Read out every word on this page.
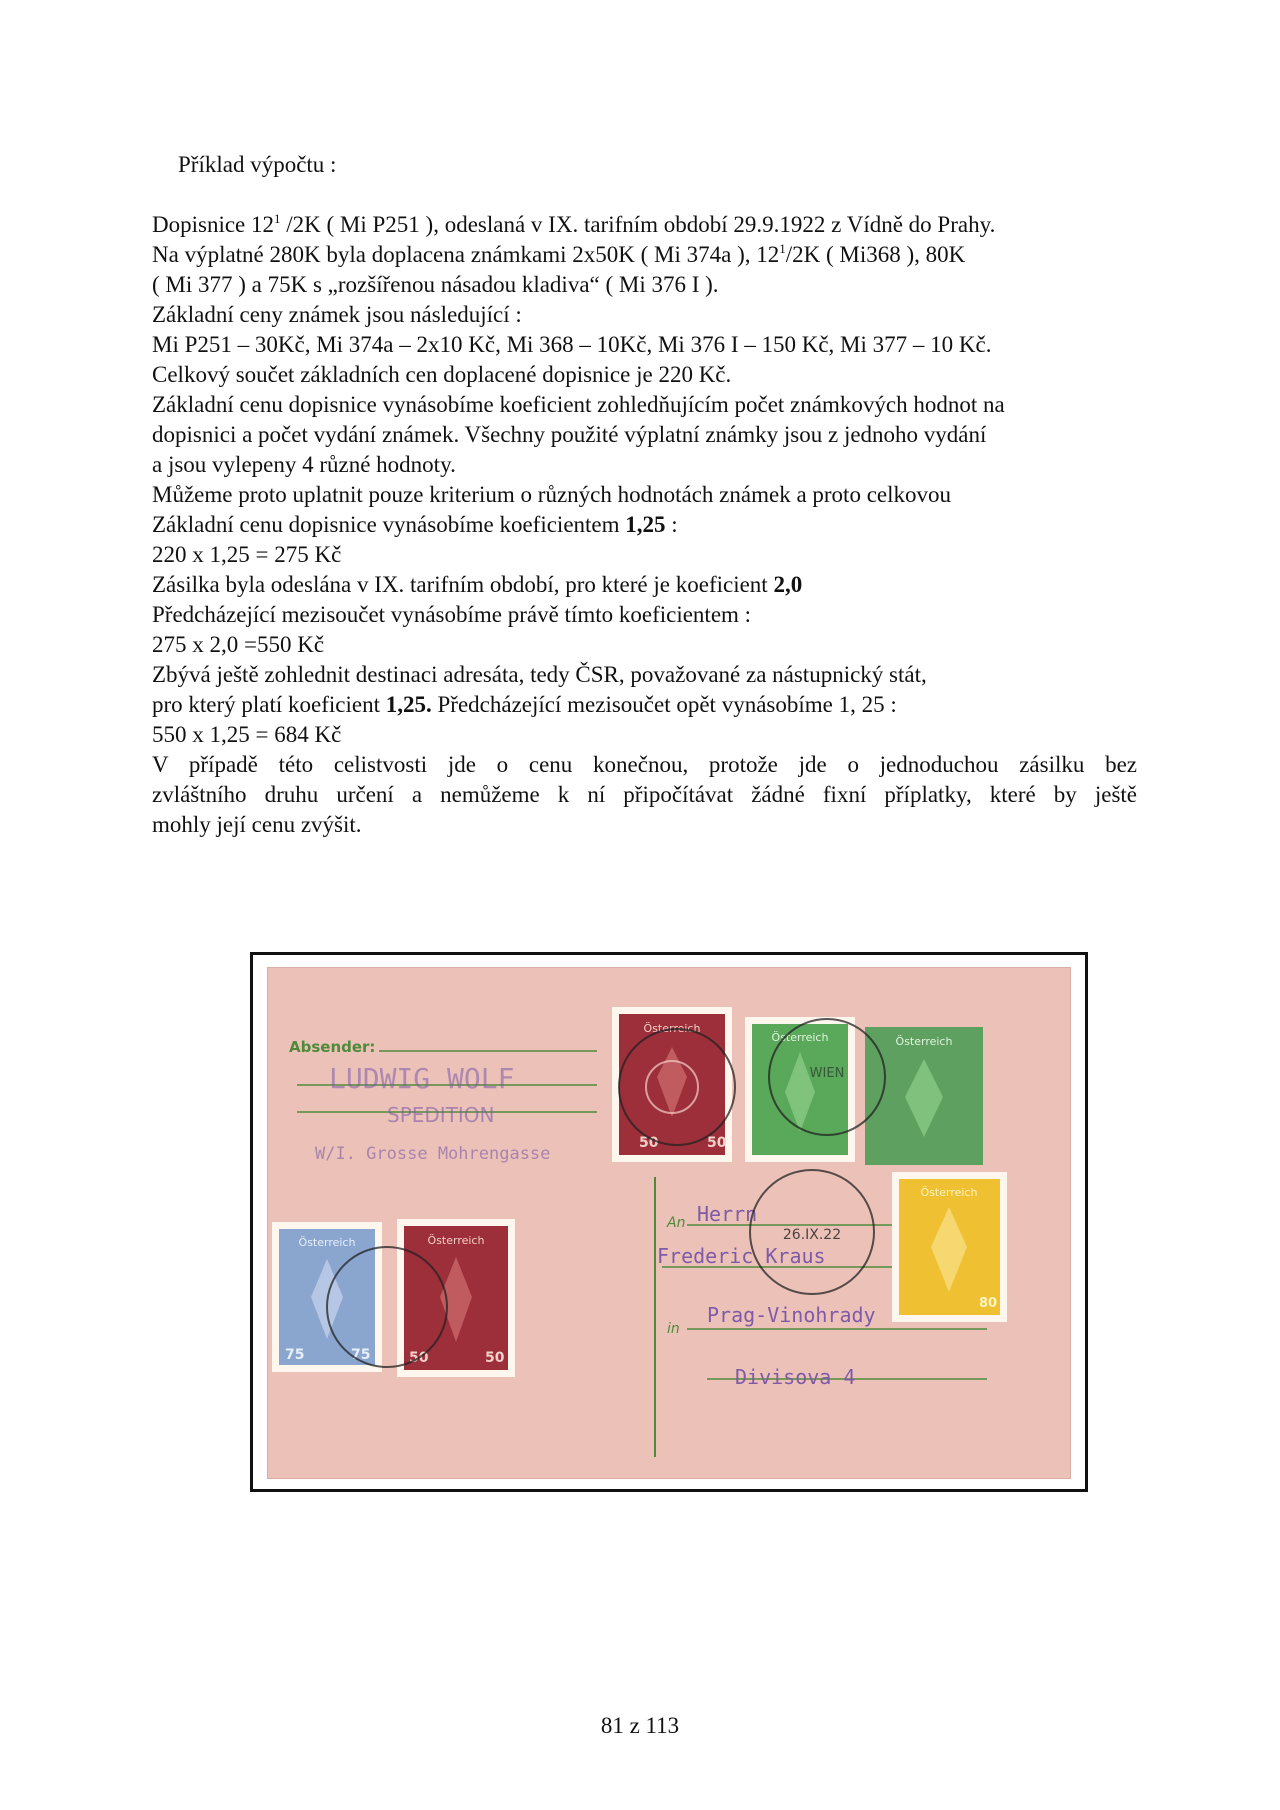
Příklad výpočtu :
Dopisnice $12^1$ /2K ( Mi P251 ), odeslaná v IX. tarifním období 29.9.1922 z Vídně do Prahy.
Na výplatné 280K byla doplacena známkami 2x50K ( Mi 374a ), $12^1/2K$ ( Mi368 ), 80K
( Mi 377 ) a 75K s „rozšířenou násadou kladiva“ ( Mi 376 I ).
Základní ceny známek jsou následující :
Mi P251 – 30Kč, Mi 374a – 2x10 Kč, Mi 368 – 10Kč, Mi 376 I – 150 Kč, Mi 377 – 10 Kč.
Celkový součet základních cen doplacené dopisnice je 220 Kč.
Základní cenu dopisnice vynásobíme koeficient zohledňujícím počet známkových hodnot na
dopisnici a počet vydání známek. Všechny použité výplatní známky jsou z jednoho vydání
a jsou vylepeny 4 různé hodnoty.
Můžeme proto uplatnit pouze kriterium o různých hodnotách známek a proto celkovou
Základní cenu dopisnice vynásobíme koeficientem 1,25 :
220 x 1,25 = 275 Kč
Zásilka byla odeslána v IX. tarifním období, pro které je koeficient 2,0
Předcházející mezisoučet vynásobíme právě tímto koeficientem :
275 x 2,0 =550 Kč
Zbývá ještě zohlednit destinaci adresáta, tedy ČSR, považované za nástupnický stát,
pro který platí koeficient 1,25. Předcházející mezisoučet opět vynásobíme 1, 25 :
550 x 1,25 = 684 Kč
V případě této celistvosti jde o cenu konečnou, protože jde o jednoduchou zásilku bez
zvláštního druhu určení a nemůžeme k ní připočítávat žádné fixní příplatky, které by ještě
mohly její cenu zvýšit.
Absender:
LUDWIG WOLF
SPEDITION
W/I. Grosse Mohrengasse
An
in
Herrn
Frederic Kraus
Prag-Vinohrady
Divisova 4
Österreich
50	50
Österreich	Österreich
Österreich
80
Österreich
75	75
Österreich
50	50
26.IX.22
WIEN
81 z 113
